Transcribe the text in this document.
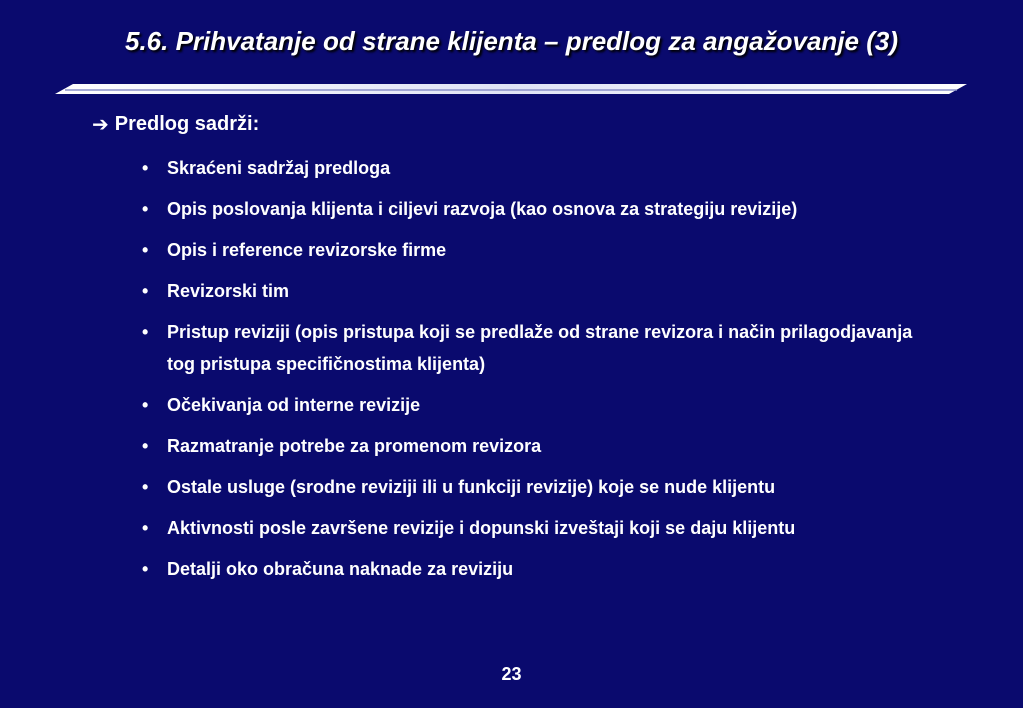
5.6. Prihvatanje od strane klijenta – predlog za angažovanje (3)
➔ Predlog sadrži:
• Skraćeni sadržaj predloga
• Opis poslovanja klijenta i ciljevi razvoja (kao osnova za strategiju revizije)
• Opis i reference revizorske firme
• Revizorski tim
• Pristup reviziji (opis pristupa koji se predlaže od strane revizora i način prilagodjavanja tog pristupa specifičnostima klijenta)
• Očekivanja od interne revizije
• Razmatranje potrebe za promenom revizora
• Ostale usluge (srodne reviziji ili u funkciji revizije) koje se nude klijentu
• Aktivnosti posle završene revizije i dopunski izveštaji koji se daju klijentu
• Detalji oko obračuna naknade za reviziju
23
